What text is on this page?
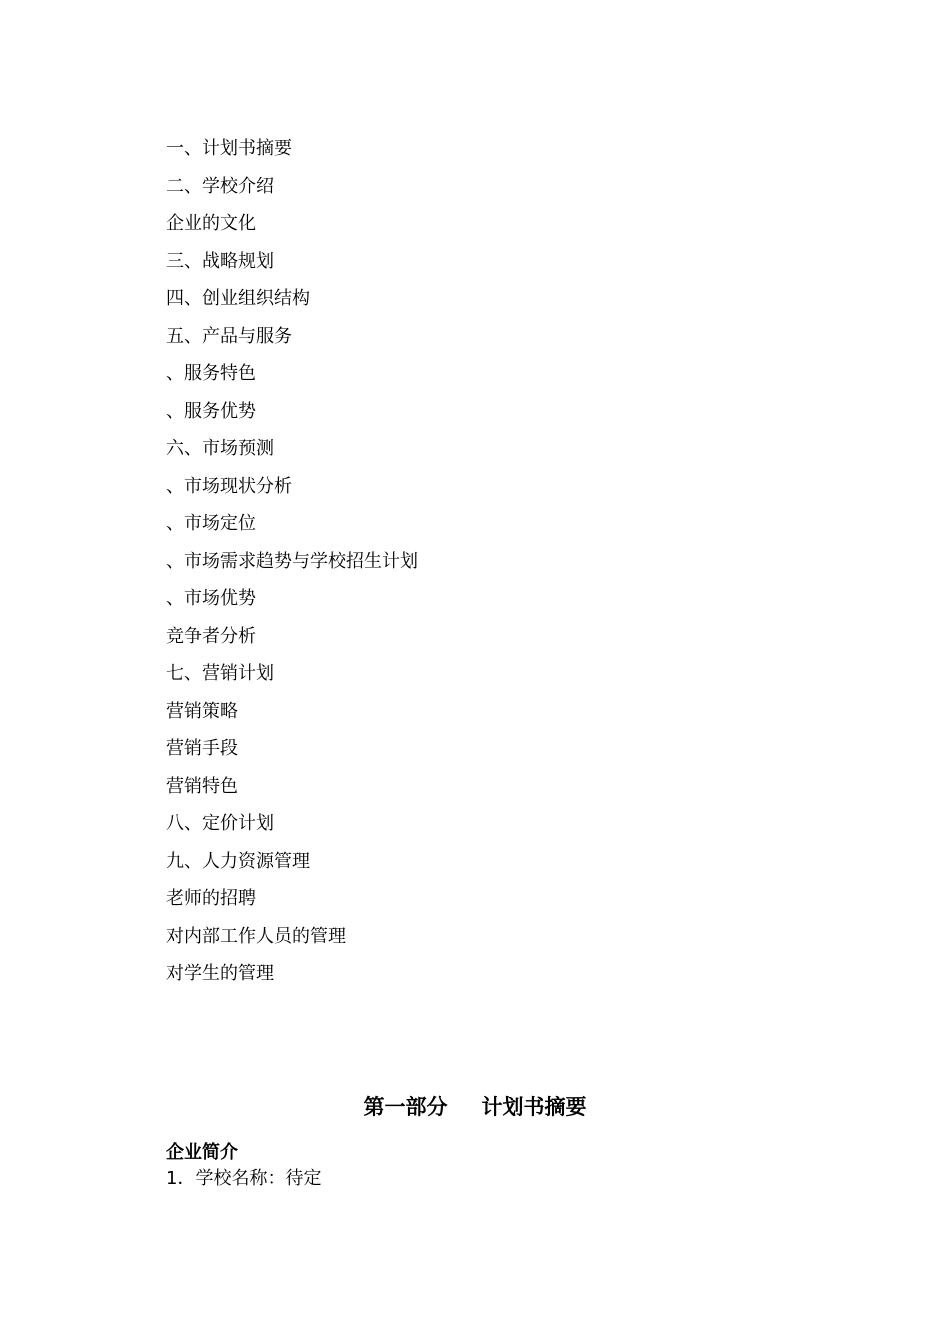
一、计划书摘要
二、学校介绍
企业的文化
三、战略规划
四、创业组织结构
五、产品与服务
、服务特色
、服务优势
六、市场预测
、市场现状分析
、市场定位
、市场需求趋势与学校招生计划
、市场优势
竞争者分析
七、营销计划
营销策略
营销手段
营销特色
八、定价计划
九、人力资源管理
老师的招聘
对内部工作人员的管理
对学生的管理
第一部分 计划书摘要
企业简介
1．学校名称：待定
